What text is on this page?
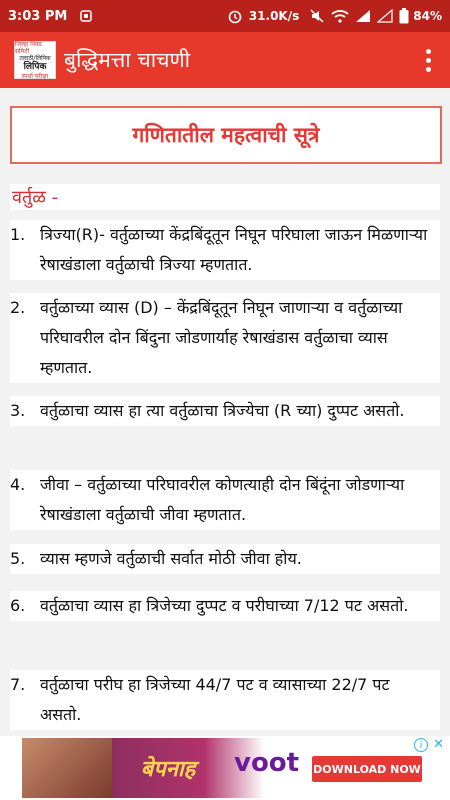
3:03 PM	31.0K/s	84%
जिल्हा निवड समिती
तलाठी/लिपिक
लिपिक
स्पर्धा परीक्षा
बुद्धिमत्ता चाचणी
गणितातील महत्वाची सूत्रे
वर्तुळ -
1. त्रिज्या(R)- वर्तुळाच्या केंद्रबिंदूतून निघून परिघाला जाऊन मिळणाऱ्या रेषाखंडाला वर्तुळाची त्रिज्या म्हणतात.
2. वर्तुळाच्या व्यास (D) – केंद्रबिंदूतून निघून जाणाऱ्या व वर्तुळाच्या परिघावरील दोन बिंदुना जोडणार्याह रेषाखंडास वर्तुळाचा व्यास म्हणतात.
3. वर्तुळाचा व्यास हा त्या वर्तुळाचा त्रिज्येचा (R च्या) दुप्पट असतो.
4. जीवा – वर्तुळाच्या परिघावरील कोणत्याही दोन बिंदूंना जोडणाऱ्या रेषाखंडाला वर्तुळाची जीवा म्हणतात.
5. व्यास म्हणजे वर्तुळाची सर्वात मोठी जीवा होय.
6. वर्तुळाचा व्यास हा त्रिजेच्या दुप्पट व परीघाच्या 7/12 पट असतो.
7. वर्तुळाचा परीघ हा त्रिजेच्या 44/7 पट व व्यासाच्या 22/7 पट असतो.
बेपनाह	voot DOWNLOAD NOW
i ✕
